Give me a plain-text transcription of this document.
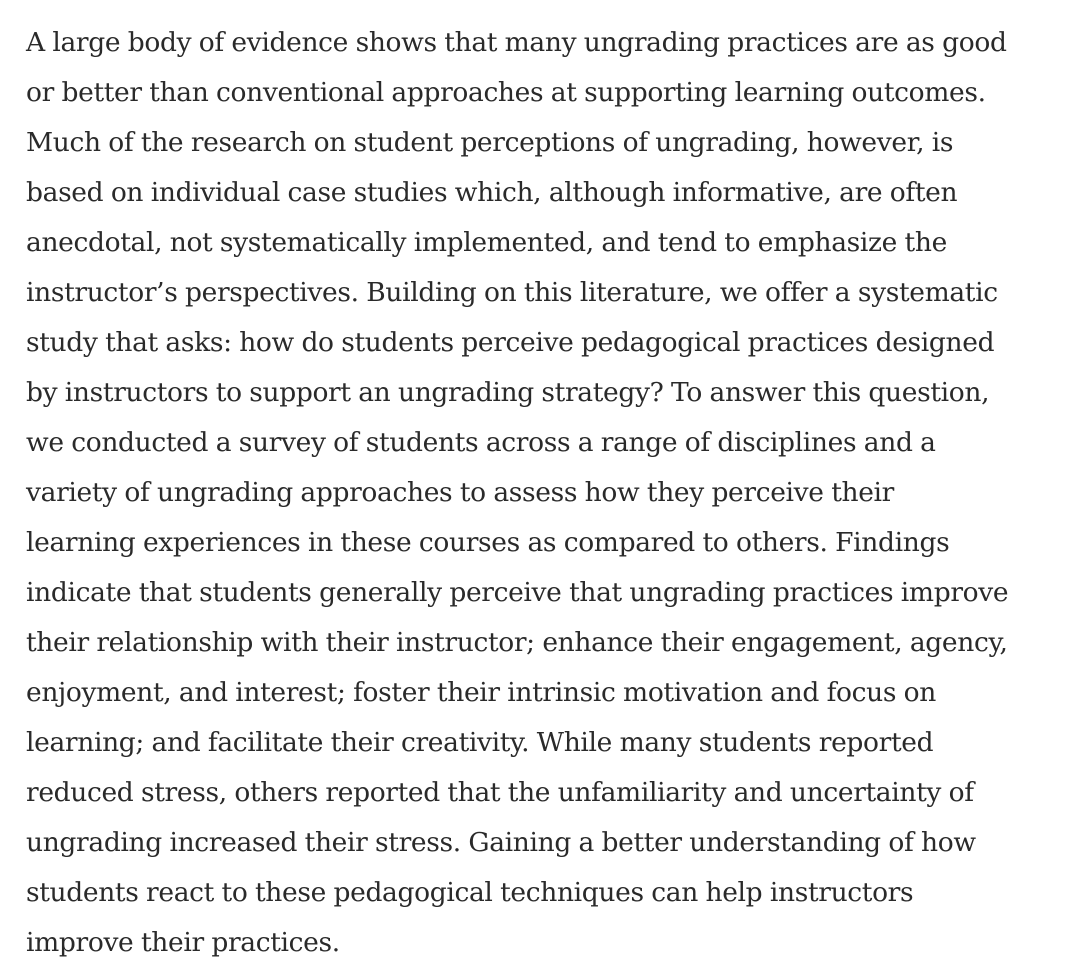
A large body of evidence shows that many ungrading practices are as good
or better than conventional approaches at supporting learning outcomes.
Much of the research on student perceptions of ungrading, however, is
based on individual case studies which, although informative, are often
anecdotal, not systematically implemented, and tend to emphasize the
instructor’s perspectives. Building on this literature, we offer a systematic
study that asks: how do students perceive pedagogical practices designed
by instructors to support an ungrading strategy? To answer this question,
we conducted a survey of students across a range of disciplines and a
variety of ungrading approaches to assess how they perceive their
learning experiences in these courses as compared to others. Findings
indicate that students generally perceive that ungrading practices improve
their relationship with their instructor; enhance their engagement, agency,
enjoyment, and interest; foster their intrinsic motivation and focus on
learning; and facilitate their creativity. While many students reported
reduced stress, others reported that the unfamiliarity and uncertainty of
ungrading increased their stress. Gaining a better understanding of how
students react to these pedagogical techniques can help instructors
improve their practices.
